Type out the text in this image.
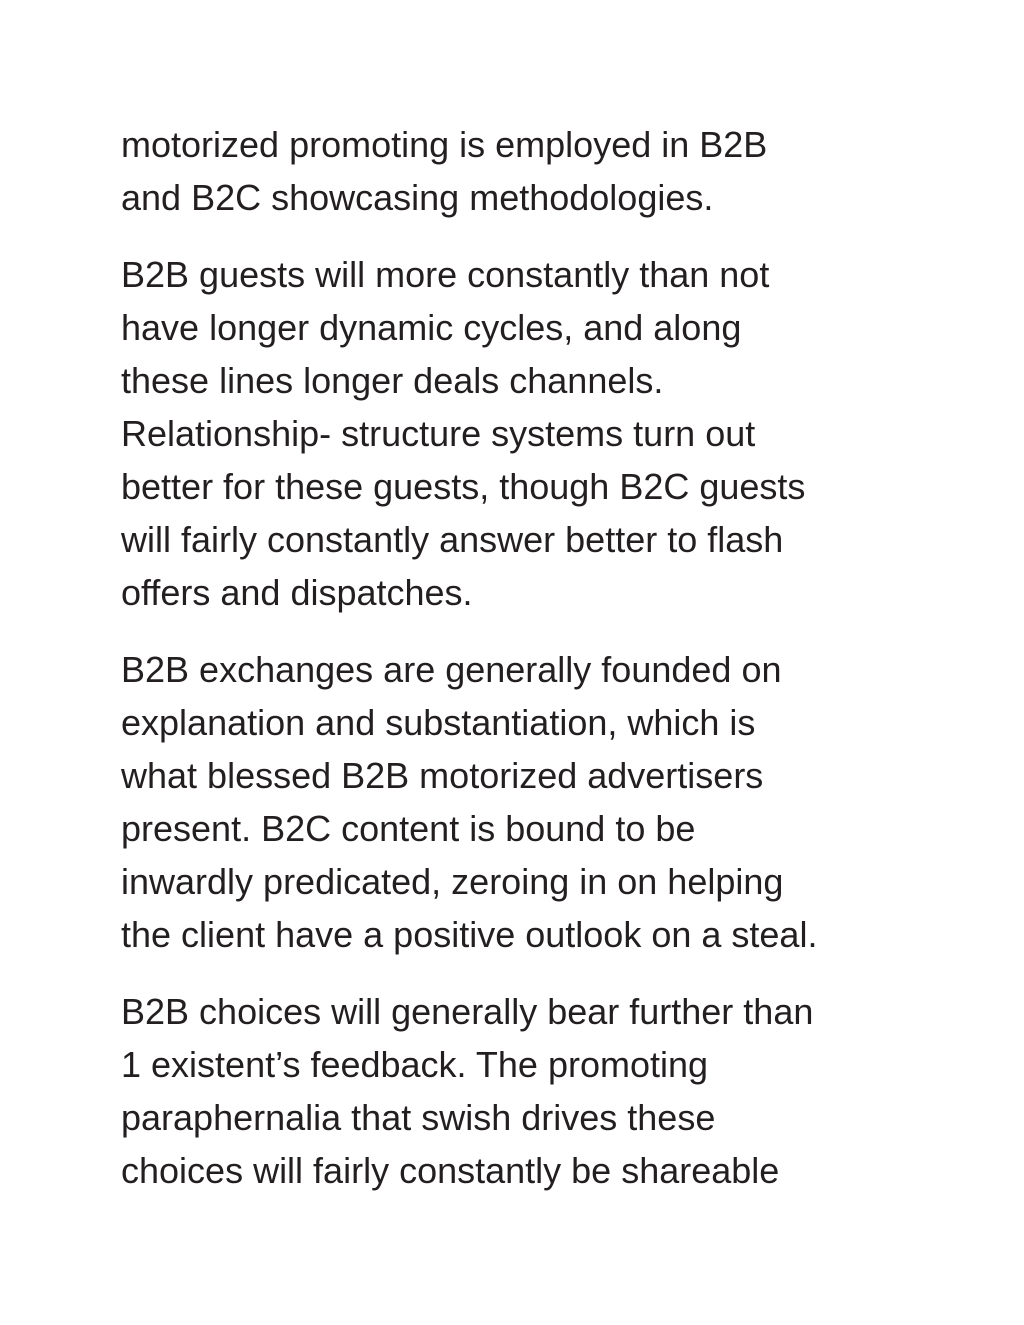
motorized promoting is employed in B2B
and B2C showcasing methodologies.

B2B guests will more constantly than not
have longer dynamic cycles, and along
these lines longer deals channels.
Relationship- structure systems turn out
better for these guests, though B2C guests
will fairly constantly answer better to flash
offers and dispatches.

B2B exchanges are generally founded on
explanation and substantiation, which is
what blessed B2B motorized advertisers
present. B2C content is bound to be
inwardly predicated, zeroing in on helping
the client have a positive outlook on a steal.

B2B choices will generally bear further than
1 existent’s feedback. The promoting
paraphernalia that swish drives these
choices will fairly constantly be shareable
